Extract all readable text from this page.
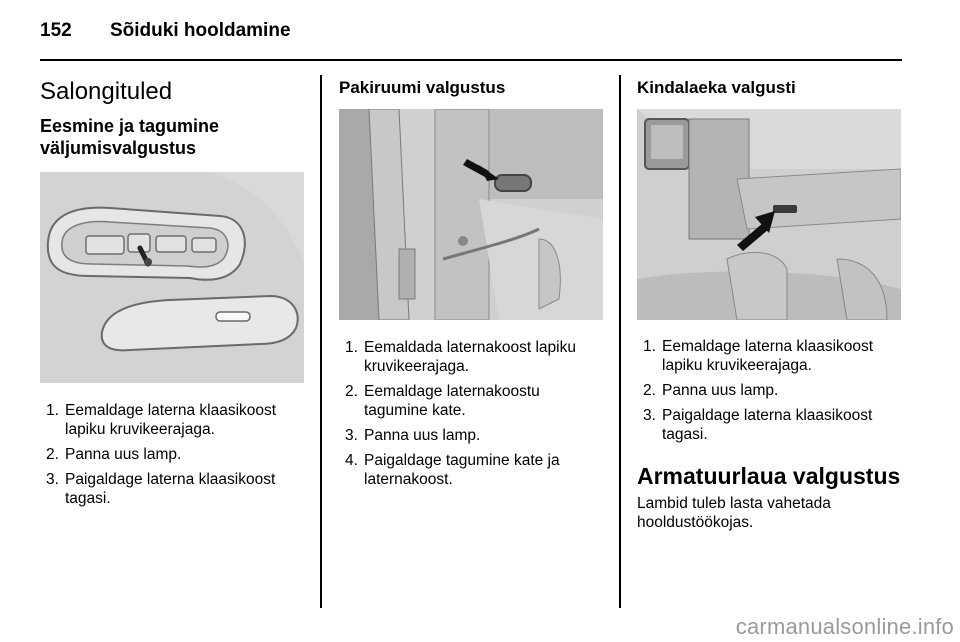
152	Sõiduki hooldamine
Salongituled
Eesmine ja tagumine
väljumisvalgustus
1. Eemaldage laterna klaasikoost
lapiku kruvikeerajaga.
2. Panna uus lamp.
3. Paigaldage laterna klaasikoost
tagasi.
Pakiruumi valgustus
1. Eemaldada laternakoost lapiku
kruvikeerajaga.
2. Eemaldage laternakoostu
tagumine kate.
3. Panna uus lamp.
4. Paigaldage tagumine kate ja
laternakoost.
Kindalaeka valgusti
1. Eemaldage laterna klaasikoost
lapiku kruvikeerajaga.
2. Panna uus lamp.
3. Paigaldage laterna klaasikoost
tagasi.
Armatuurlaua valgustus
Lambid tuleb lasta vahetada
hooldustöökojas.
carmanualsonline.info
